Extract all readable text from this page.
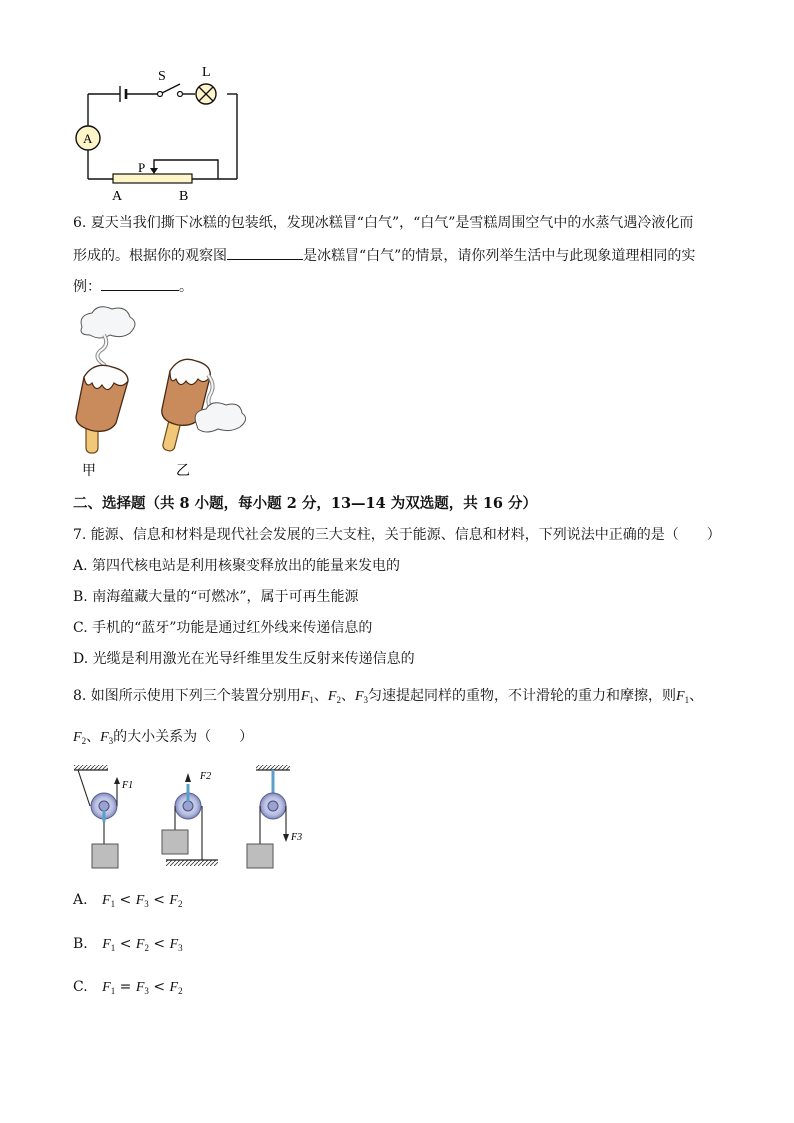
S	L
A
P
A	B
6. 夏天当我们撕下冰糕的包装纸，发现冰糕冒“白气”，“白气”是雪糕周围空气中的水蒸气遇冷液化而
形成的。根据你的观察图	是冰糕冒“白气”的情景，请你列举生活中与此现象道理相同的实
例：	。
甲	乙
二、选择题（共 8 小题，每小题 2 分，13—14 为双选题，共 16 分）
7. 能源、信息和材料是现代社会发展的三大支柱，关于能源、信息和材料，下列说法中正确的是（　　）
A. 第四代核电站是利用核聚变释放出的能量来发电的
B. 南海蕴藏大量的“可燃冰”，属于可再生能源
C. 手机的“蓝牙”功能是通过红外线来传递信息的
D. 光缆是利用激光在光导纤维里发生反射来传递信息的
8. 如图所示使用下列三个装置分别用$F_1$、$F_2$、$F_3$匀速提起同样的重物，不计滑轮的重力和摩擦，则$F_1$、
$F_2$、$F_3$的大小关系为（　　）
F1
F2
F3
A. $F_1 < F_3 < F_2$
B. $F_1 < F_2 < F_3$
C. $F_1 = F_3 < F_2$
